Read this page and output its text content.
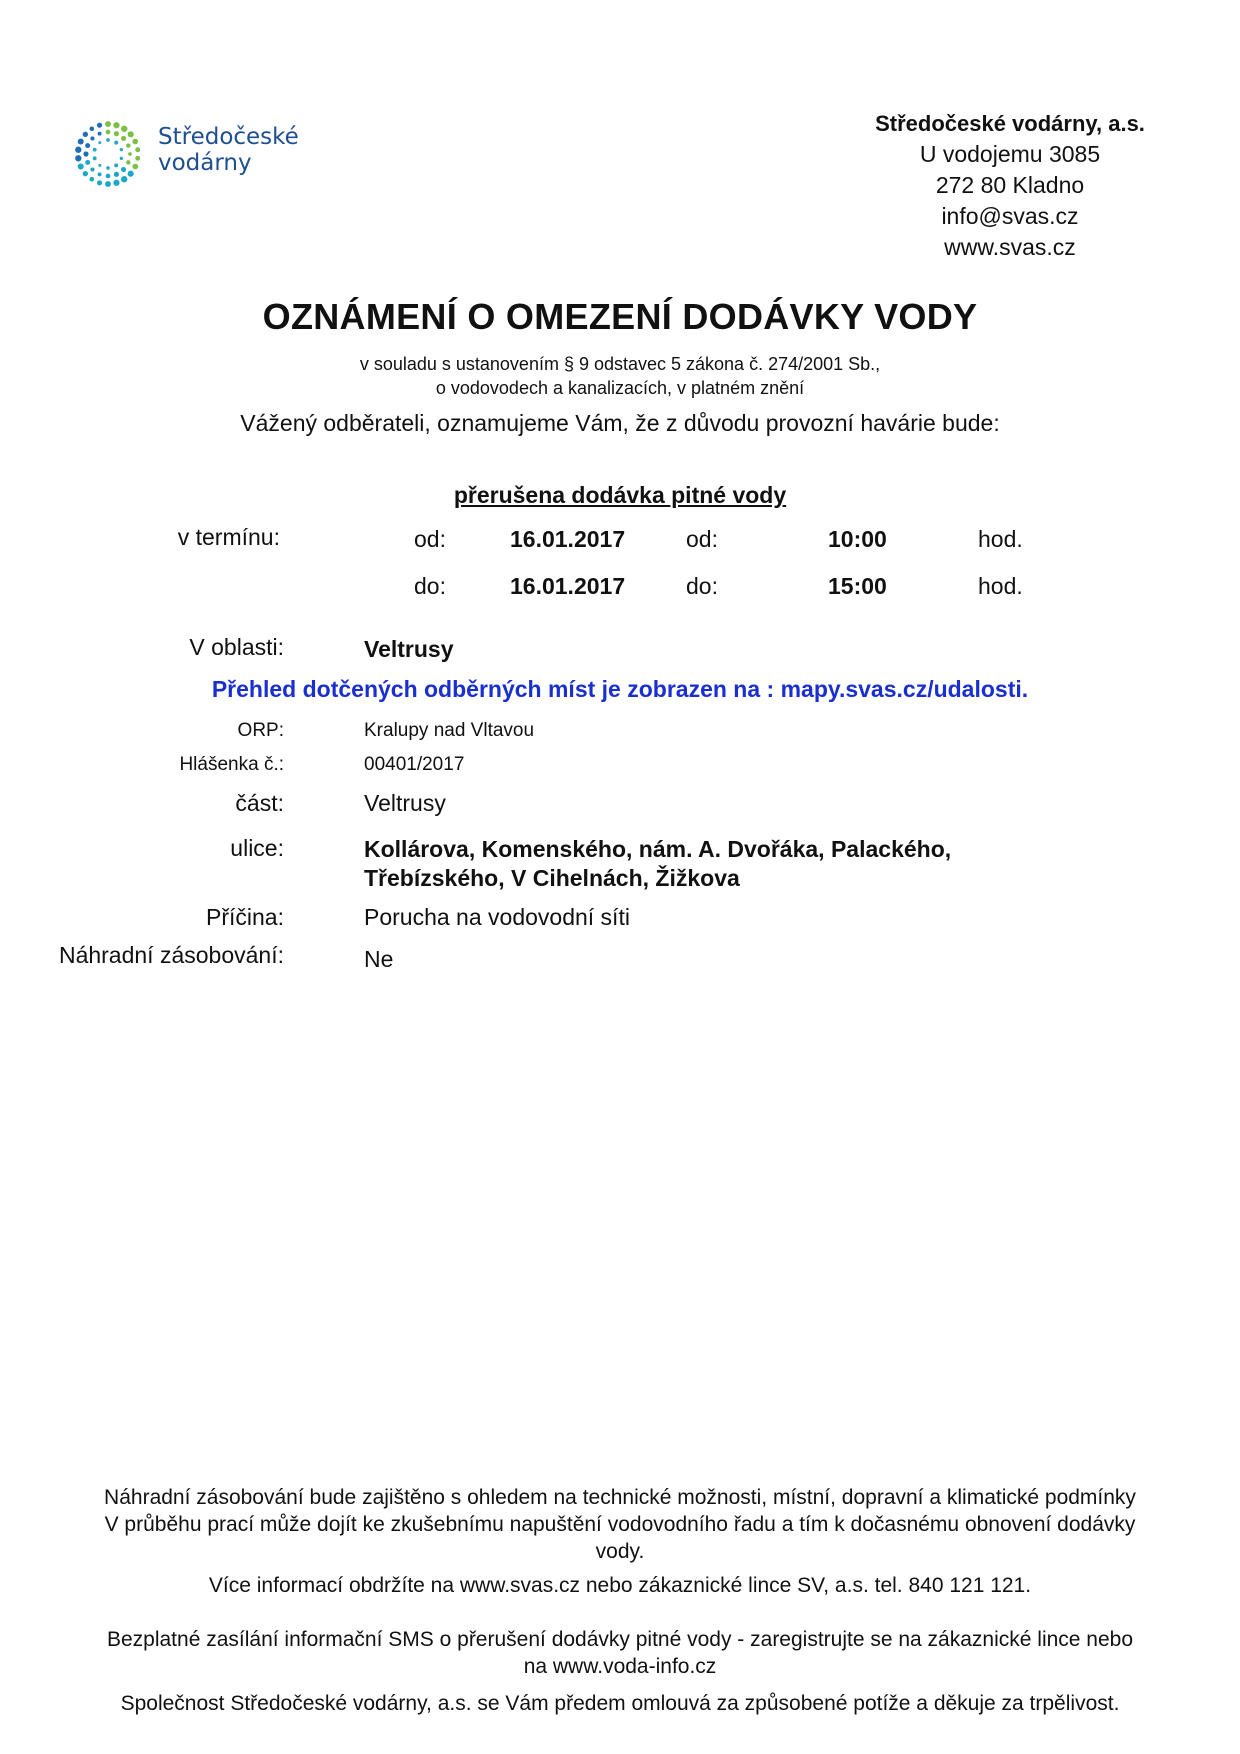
Středočeské
vodárny
Středočeské vodárny, a.s.
U vodojemu 3085
272 80 Kladno
info@svas.cz
www.svas.cz
OZNÁMENÍ O OMEZENÍ DODÁVKY VODY
v souladu s ustanovením § 9 odstavec 5 zákona č. 274/2001 Sb.,
o vodovodech a kanalizacích, v platném znění
Vážený odběrateli, oznamujeme Vám, že z důvodu provozní havárie bude:
přerušena dodávka pitné vody
v termínu:	od:	16.01.2017	od:	10:00	hod.
do:	16.01.2017	do:	15:00	hod.
V oblasti:	Veltrusy
Přehled dotčených odběrných míst je zobrazen na : mapy.svas.cz/udalosti.
ORP:	Kralupy nad Vltavou
Hlášenka č.:	00401/2017
část:	Veltrusy
ulice:	Kollárova, Komenského, nám. A. Dvořáka, Palackého,
Třebízského, V Cihelnách, Žižkova
Příčina:	Porucha na vodovodní síti
Náhradní zásobování:	Ne
Náhradní zásobování bude zajištěno s ohledem na technické možnosti, místní, dopravní a klimatické podmínky
V průběhu prací může dojít ke zkušebnímu napuštění vodovodního řadu a tím k dočasnému obnovení dodávky
vody.
Více informací obdržíte na www.svas.cz nebo zákaznické lince SV, a.s. tel. 840 121 121.
Bezplatné zasílání informační SMS o přerušení dodávky pitné vody - zaregistrujte se na zákaznické lince nebo
na www.voda-info.cz
Společnost Středočeské vodárny, a.s. se Vám předem omlouvá za způsobené potíže a děkuje za trpělivost.
